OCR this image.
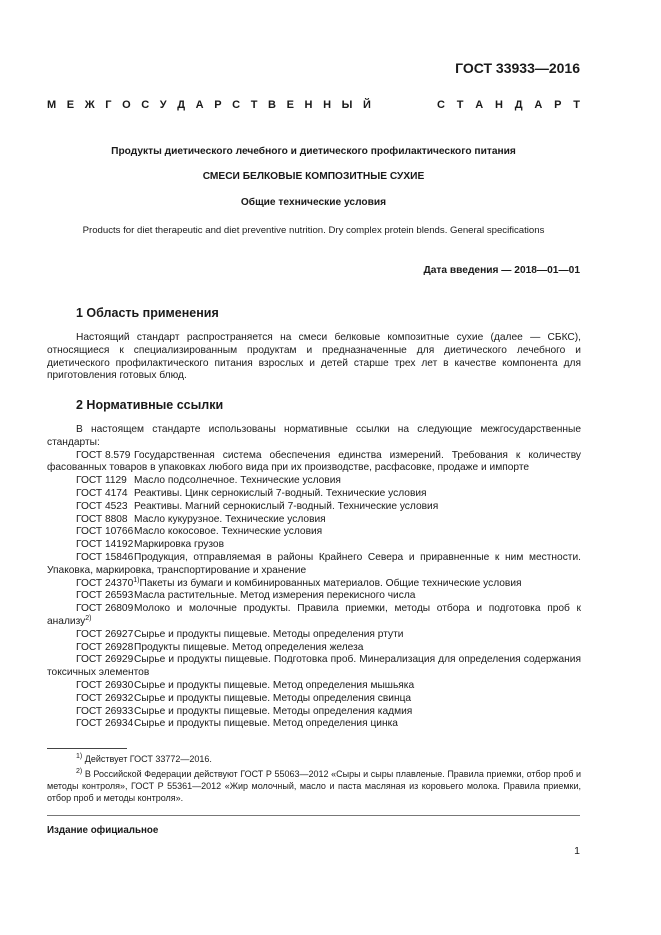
ГОСТ 33933—2016
М Е Ж Г О С У Д А Р С Т В Е Н Н Ы Й	С Т А Н Д А Р Т
Продукты диетического лечебного и диетического профилактического питания
СМЕСИ БЕЛКОВЫЕ КОМПОЗИТНЫЕ СУХИЕ
Общие технические условия
Products for diet therapeutic and diet preventive nutrition. Dry complex protein blends. General specifications
Дата введения — 2018—01—01
1 Область применения
Настоящий стандарт распространяется на смеси белковые композитные сухие (далее — СБКС), относящиеся к специализированным продуктам и предназначенные для диетического лечебного и диетического профилактического питания взрослых и детей старше трех лет в качестве компонента для приготовления готовых блюд.
2 Нормативные ссылки
В настоящем стандарте использованы нормативные ссылки на следующие межгосударственные стандарты:
ГОСТ 8.579 Государственная система обеспечения единства измерений. Требования к количеству фасованных товаров в упаковках любого вида при их производстве, расфасовке, продаже и импорте
ГОСТ 1129 Масло подсолнечное. Технические условия
ГОСТ 4174 Реактивы. Цинк сернокислый 7-водный. Технические условия
ГОСТ 4523 Реактивы. Магний сернокислый 7-водный. Технические условия
ГОСТ 8808 Масло кукурузное. Технические условия
ГОСТ 10766Масло кокосовое. Технические условия
ГОСТ 14192Маркировка грузов
ГОСТ 15846Продукция, отправляемая в районы Крайнего Севера и приравненные к ним местности. Упаковка, маркировка, транспортирование и хранение
ГОСТ 24370$^{1)}$Пакеты из бумаги и комбинированных материалов. Общие технические условия
ГОСТ 26593Масла растительные. Метод измерения перекисного числа
ГОСТ 26809Молоко и молочные продукты. Правила приемки, методы отбора и подготовка проб к анализу$^{2)}$
ГОСТ 26927Сырье и продукты пищевые. Методы определения ртути
ГОСТ 26928Продукты пищевые. Метод определения железа
ГОСТ 26929Сырье и продукты пищевые. Подготовка проб. Минерализация для определения содержания токсичных элементов
ГОСТ 26930Сырье и продукты пищевые. Метод определения мышьяка
ГОСТ 26932Сырье и продукты пищевые. Методы определения свинца
ГОСТ 26933Сырье и продукты пищевые. Методы определения кадмия
ГОСТ 26934Сырье и продукты пищевые. Метод определения цинка
$^{1)}$ Действует ГОСТ 33772—2016.
$^{2)}$ В Российской Федерации действуют ГОСТ Р 55063—2012 «Сыры и сыры плавленые. Правила приемки, отбор проб и методы контроля», ГОСТ Р 55361—2012 «Жир молочный, масло и паста масляная из коровьего молока. Правила приемки, отбор проб и методы контроля».
Издание официальное
1
